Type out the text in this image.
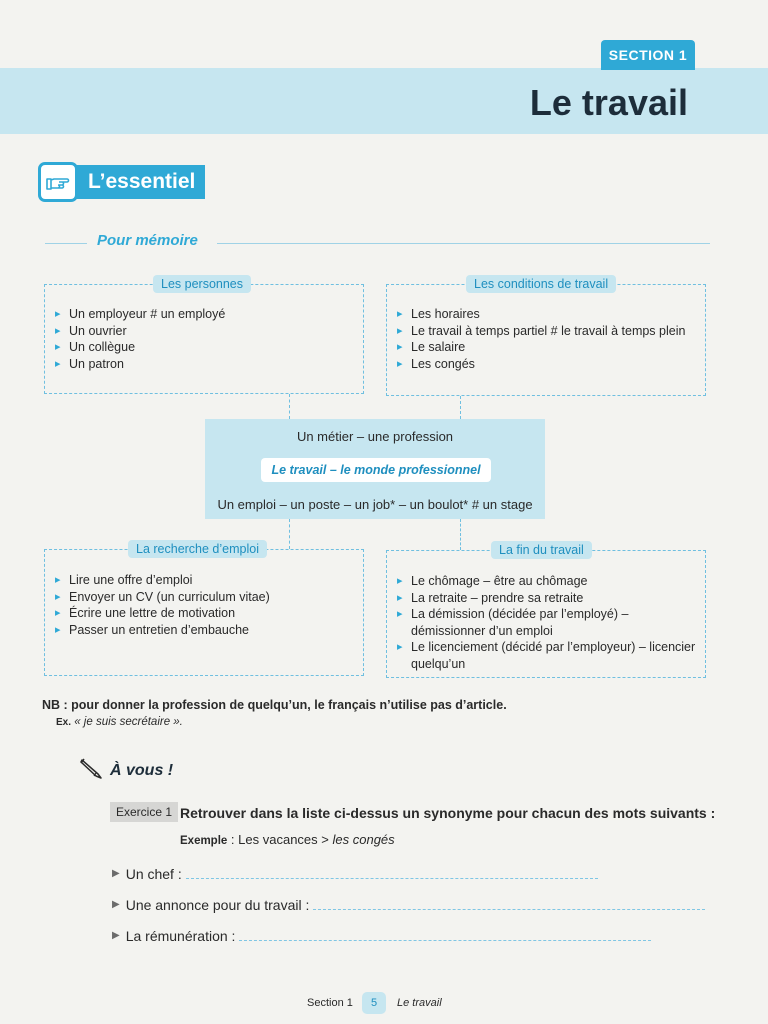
SECTION 1
Le travail
L’essentiel
Pour mémoire
Les personnes
▸ Un employeur # un employé
▸ Un ouvrier
▸ Un collègue
▸ Un patron
Les conditions de travail
▸ Les horaires
▸ Le travail à temps partiel # le travail à temps plein
▸ Le salaire
▸ Les congés
Un métier – une profession
Le travail – le monde professionnel
Un emploi – un poste – un job* – un boulot* # un stage
La recherche d’emploi
▸ Lire une offre d’emploi
▸ Envoyer un CV (un curriculum vitae)
▸ Écrire une lettre de motivation
▸ Passer un entretien d’embauche
La fin du travail
▸ Le chômage – être au chômage
▸ La retraite – prendre sa retraite
▸ La démission (décidée par l’employé) – démissionner d’un emploi
▸ Le licenciement (décidé par l’employeur) – licencier quelqu’un
NB : pour donner la profession de quelqu’un, le français n’utilise pas d’article.
Ex. « je suis secrétaire ».
À vous !
Exercice 1 Retrouver dans la liste ci-dessus un synonyme pour chacun des mots suivants :
Exemple : Les vacances > les congés
▶ Un chef :
▶ Une annonce pour du travail :
▶ La rémunération :
Section 1	5	Le travail
